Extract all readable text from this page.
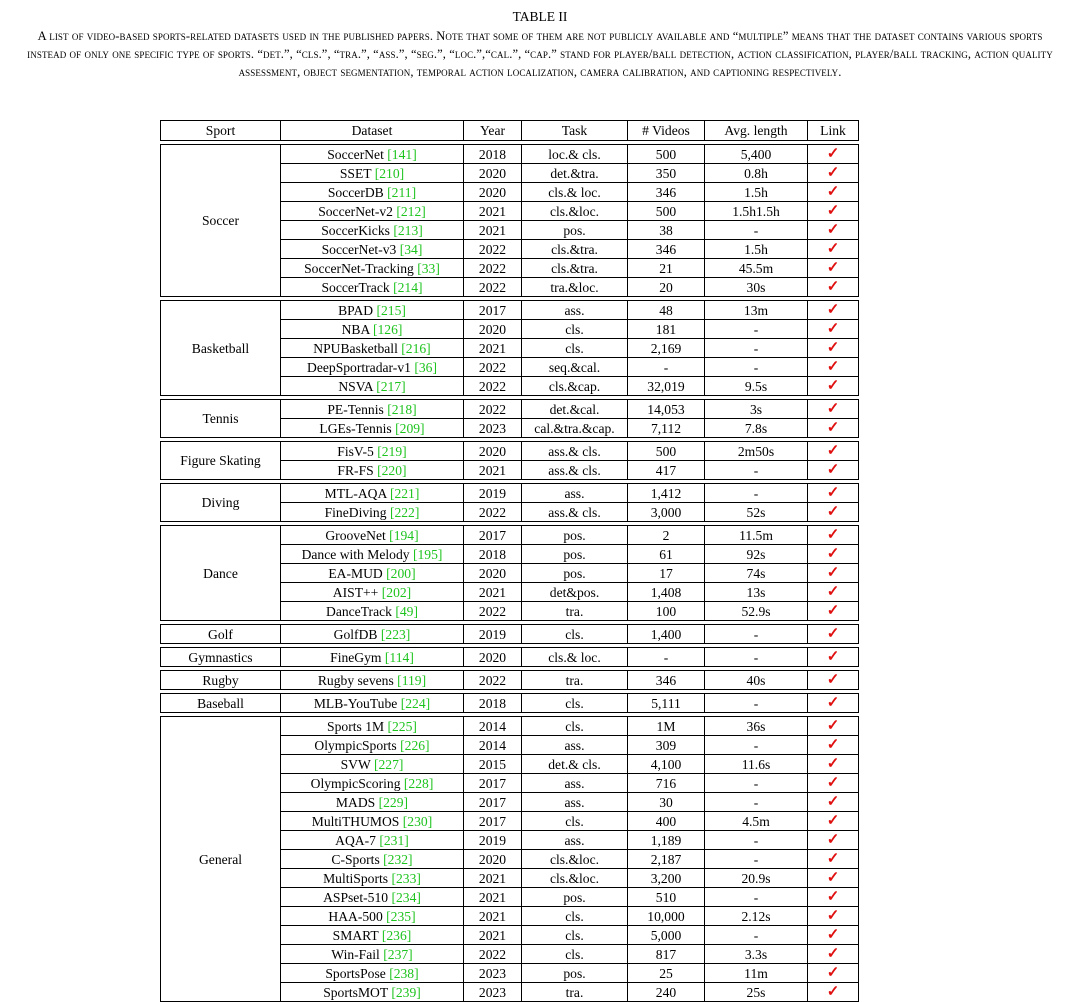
TABLE II
A list of video-based sports-related datasets used in the published papers. Note that some of them are not publicly available and “multiple” means that the dataset contains various sports instead of only one specific type of sports. “det.”, “cls.”, “tra.”, “ass.”, “seg.”, “loc.”,“cal.”, “cap.” stand for player/ball detection, action classification, player/ball tracking, action quality assessment, object segmentation, temporal action localization, camera calibration, and captioning respectively.
Sport	Dataset	Year	Task	# Videos	Avg. length	Link

Soccer	SoccerNet [141]	2018	loc.& cls.	500	5,400	✓
	SSET [210]	2020	det.&tra.	350	0.8h	✓
	SoccerDB [211]	2020	cls.& loc.	346	1.5h	✓
	SoccerNet-v2 [212]	2021	cls.&loc.	500	1.5h1.5h	✓
	SoccerKicks [213]	2021	pos.	38	-	✓
	SoccerNet-v3 [34]	2022	cls.&tra.	346	1.5h	✓
	SoccerNet-Tracking [33]	2022	cls.&tra.	21	45.5m	✓
	SoccerTrack [214]	2022	tra.&loc.	20	30s	✓

Basketball	BPAD [215]	2017	ass.	48	13m	✓
	NBA [126]	2020	cls.	181	-	✓
	NPUBasketball [216]	2021	cls.	2,169	-	✓
	DeepSportradar-v1 [36]	2022	seq.&cal.	-	-	✓
	NSVA [217]	2022	cls.&cap.	32,019	9.5s	✓

Tennis	PE-Tennis [218]	2022	det.&cal.	14,053	3s	✓
	LGEs-Tennis [209]	2023	cal.&tra.&cap.	7,112	7.8s	✓

Figure Skating	FisV-5 [219]	2020	ass.& cls.	500	2m50s	✓
	FR-FS [220]	2021	ass.& cls.	417	-	✓

Diving	MTL-AQA [221]	2019	ass.	1,412	-	✓
	FineDiving [222]	2022	ass.& cls.	3,000	52s	✓

Dance	GrooveNet [194]	2017	pos.	2	11.5m	✓
	Dance with Melody [195]	2018	pos.	61	92s	✓
	EA-MUD [200]	2020	pos.	17	74s	✓
	AIST++ [202]	2021	det&pos.	1,408	13s	✓
	DanceTrack [49]	2022	tra.	100	52.9s	✓

Golf	GolfDB [223]	2019	cls.	1,400	-	✓

Gymnastics	FineGym [114]	2020	cls.& loc.	-	-	✓

Rugby	Rugby sevens [119]	2022	tra.	346	40s	✓

Baseball	MLB-YouTube [224]	2018	cls.	5,111	-	✓

General	Sports 1M [225]	2014	cls.	1M	36s	✓
	OlympicSports [226]	2014	ass.	309	-	✓
	SVW [227]	2015	det.& cls.	4,100	11.6s	✓
	OlympicScoring [228]	2017	ass.	716	-	✓
	MADS [229]	2017	ass.	30	-	✓
	MultiTHUMOS [230]	2017	cls.	400	4.5m	✓
	AQA-7 [231]	2019	ass.	1,189	-	✓
	C-Sports [232]	2020	cls.&loc.	2,187	-	✓
	MultiSports [233]	2021	cls.&loc.	3,200	20.9s	✓
	ASPset-510 [234]	2021	pos.	510	-	✓
	HAA-500 [235]	2021	cls.	10,000	2.12s	✓
	SMART [236]	2021	cls.	5,000	-	✓
	Win-Fail [237]	2022	cls.	817	3.3s	✓
	SportsPose [238]	2023	pos.	25	11m	✓
	SportsMOT [239]	2023	tra.	240	25s	✓
